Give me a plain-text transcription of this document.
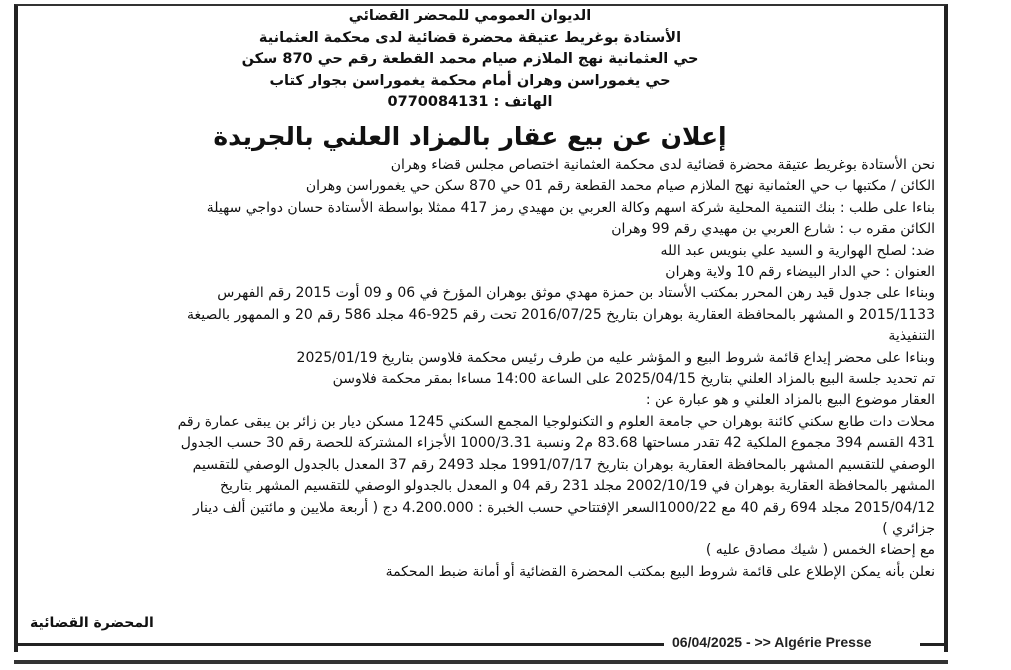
الديوان العمومي للمحضر القضائي
الأستادة بوغريط عتيقة محضرة قضائية لدى محكمة العثمانية
حي العثمانية نهج الملازم صيام محمد القطعة رقم حي 870 سكن
حي يغموراسن وهران أمام محكمة يغموراسن بجوار كتاب
الهاتف : 0770084131
إعلان عن بيع عقار بالمزاد العلني بالجريدة
نحن الأستادة بوغريط عتيقة محضرة قضائية لدى محكمة العثمانية اختصاص مجلس قضاء وهران
الكائن / مكتبها ب حي العثمانية نهج الملازم صيام محمد القطعة رقم 01 حي 870 سكن حي يغموراسن وهران
بناءا على طلب : بنك التنمية المحلية شركة اسهم وكالة العربي بن مهيدي رمز 417 ممثلا بواسطة الأستادة حسان دواجي سهيلة
الكائن مقره ب : شارع العربي بن مهيدي رقم 99 وهران
ضد: لصلح الهوارية و السيد علي بنويس عبد الله
العنوان : حي الدار البيضاء رقم 10 ولاية وهران
وبناءا على جدول قيد رهن المحرر بمكتب الأستاد بن حمزة مهدي موثق بوهران المؤرخ في 06 و 09 أوت 2015 رقم الفهرس
2015/1133 و المشهر بالمحافظة العقارية بوهران بتاريخ 2016/07/25 تحت رقم 925-46 مجلد 586 رقم 20 و الممهور بالصيغة
التنفيذية
وبناءا على محضر إيداع قائمة شروط البيع و المؤشر عليه من طرف رئيس محكمة فلاوسن بتاريخ 2025/01/19
تم تحديد جلسة البيع بالمزاد العلني بتاريخ 2025/04/15 على الساعة 14:00 مساءا بمقر محكمة فلاوسن
العقار موضوع البيع بالمزاد العلني و هو عبارة عن :
محلات دات طابع سكني كائنة بوهران حي جامعة العلوم و التكنولوجيا المجمع السكني 1245 مسكن ديار بن زائر بن يبقى عمارة رقم
431 القسم 394 مجموع الملكية 42 تقدر مساحتها 83.68 م2 ونسبة 1000/3.31 الأجزاء المشتركة للحصة رقم 30 حسب الجدول
الوصفي للتقسيم المشهر بالمحافظة العقارية بوهران بتاريخ 1991/07/17 مجلد 2493 رقم 37 المعدل بالجدول الوصفي للتقسيم
المشهر بالمحافظة العقارية بوهران في 2002/10/19 مجلد 231 رقم 04 و المعدل بالجدولو الوصفي للتقسيم المشهر بتاريخ
2015/04/12 مجلد 694 رقم 40 مع 1000/22السعر الإفتتاحي حسب الخبرة : 4.200.000 دج ( أربعة ملايين و مائتين ألف دينار
جزائري )
مع إحضاء الخمس ( شيك مصادق عليه )
نعلن بأنه يمكن الإطلاع على قائمة شروط البيع بمكتب المحضرة القضائية أو أمانة ضبط المحكمة
المحضرة القضائية
06/04/2025 - >> Algérie Presse
